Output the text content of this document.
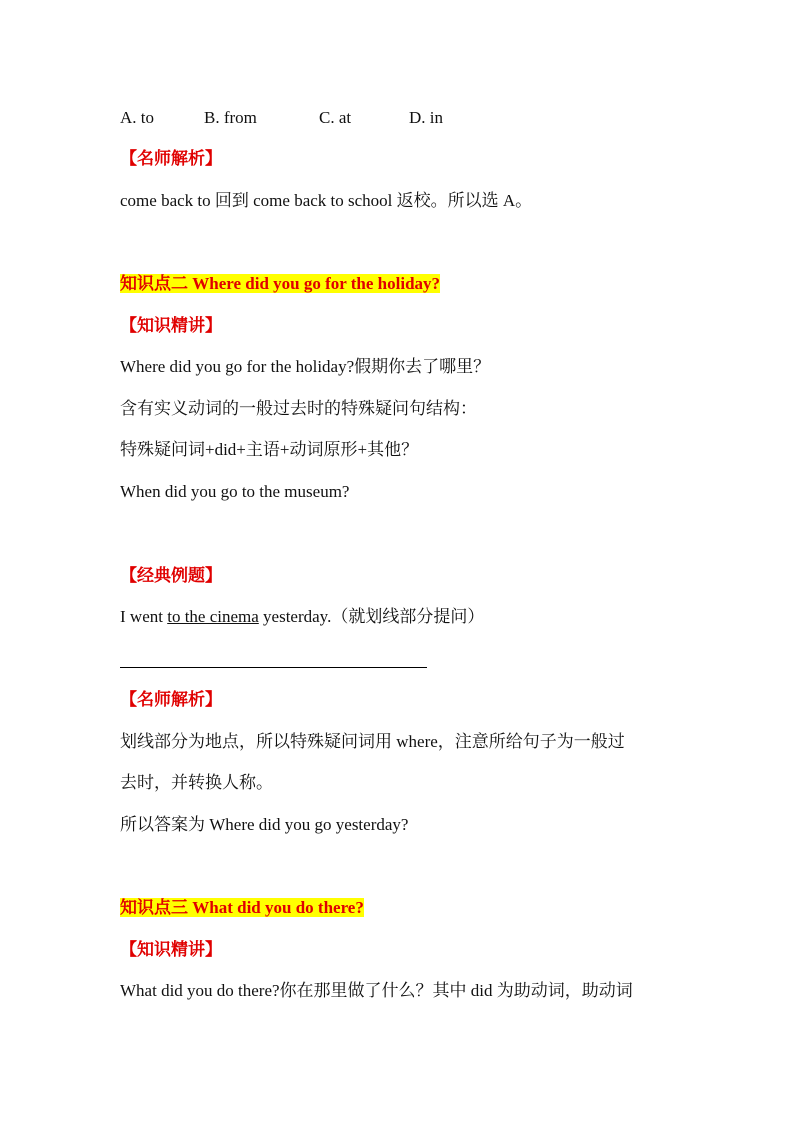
A. to	B. from	C. at	D. in
【名师解析】
come back to 回到 come back to school 返校。所以选 A。
知识点二 Where did you go for the holiday?
【知识精讲】
Where did you go for the holiday?假期你去了哪里？
含有实义动词的一般过去时的特殊疑问句结构：
特殊疑问词+did+主语+动词原形+其他？
When did you go to the museum?
【经典例题】
I went to the cinema yesterday.（就划线部分提问）
【名师解析】
划线部分为地点，所以特殊疑问词用 where，注意所给句子为一般过
去时，并转换人称。
所以答案为 Where did you go yesterday?
知识点三 What did you do there?
【知识精讲】
What did you do there?你在那里做了什么？其中 did 为助动词，助动词
